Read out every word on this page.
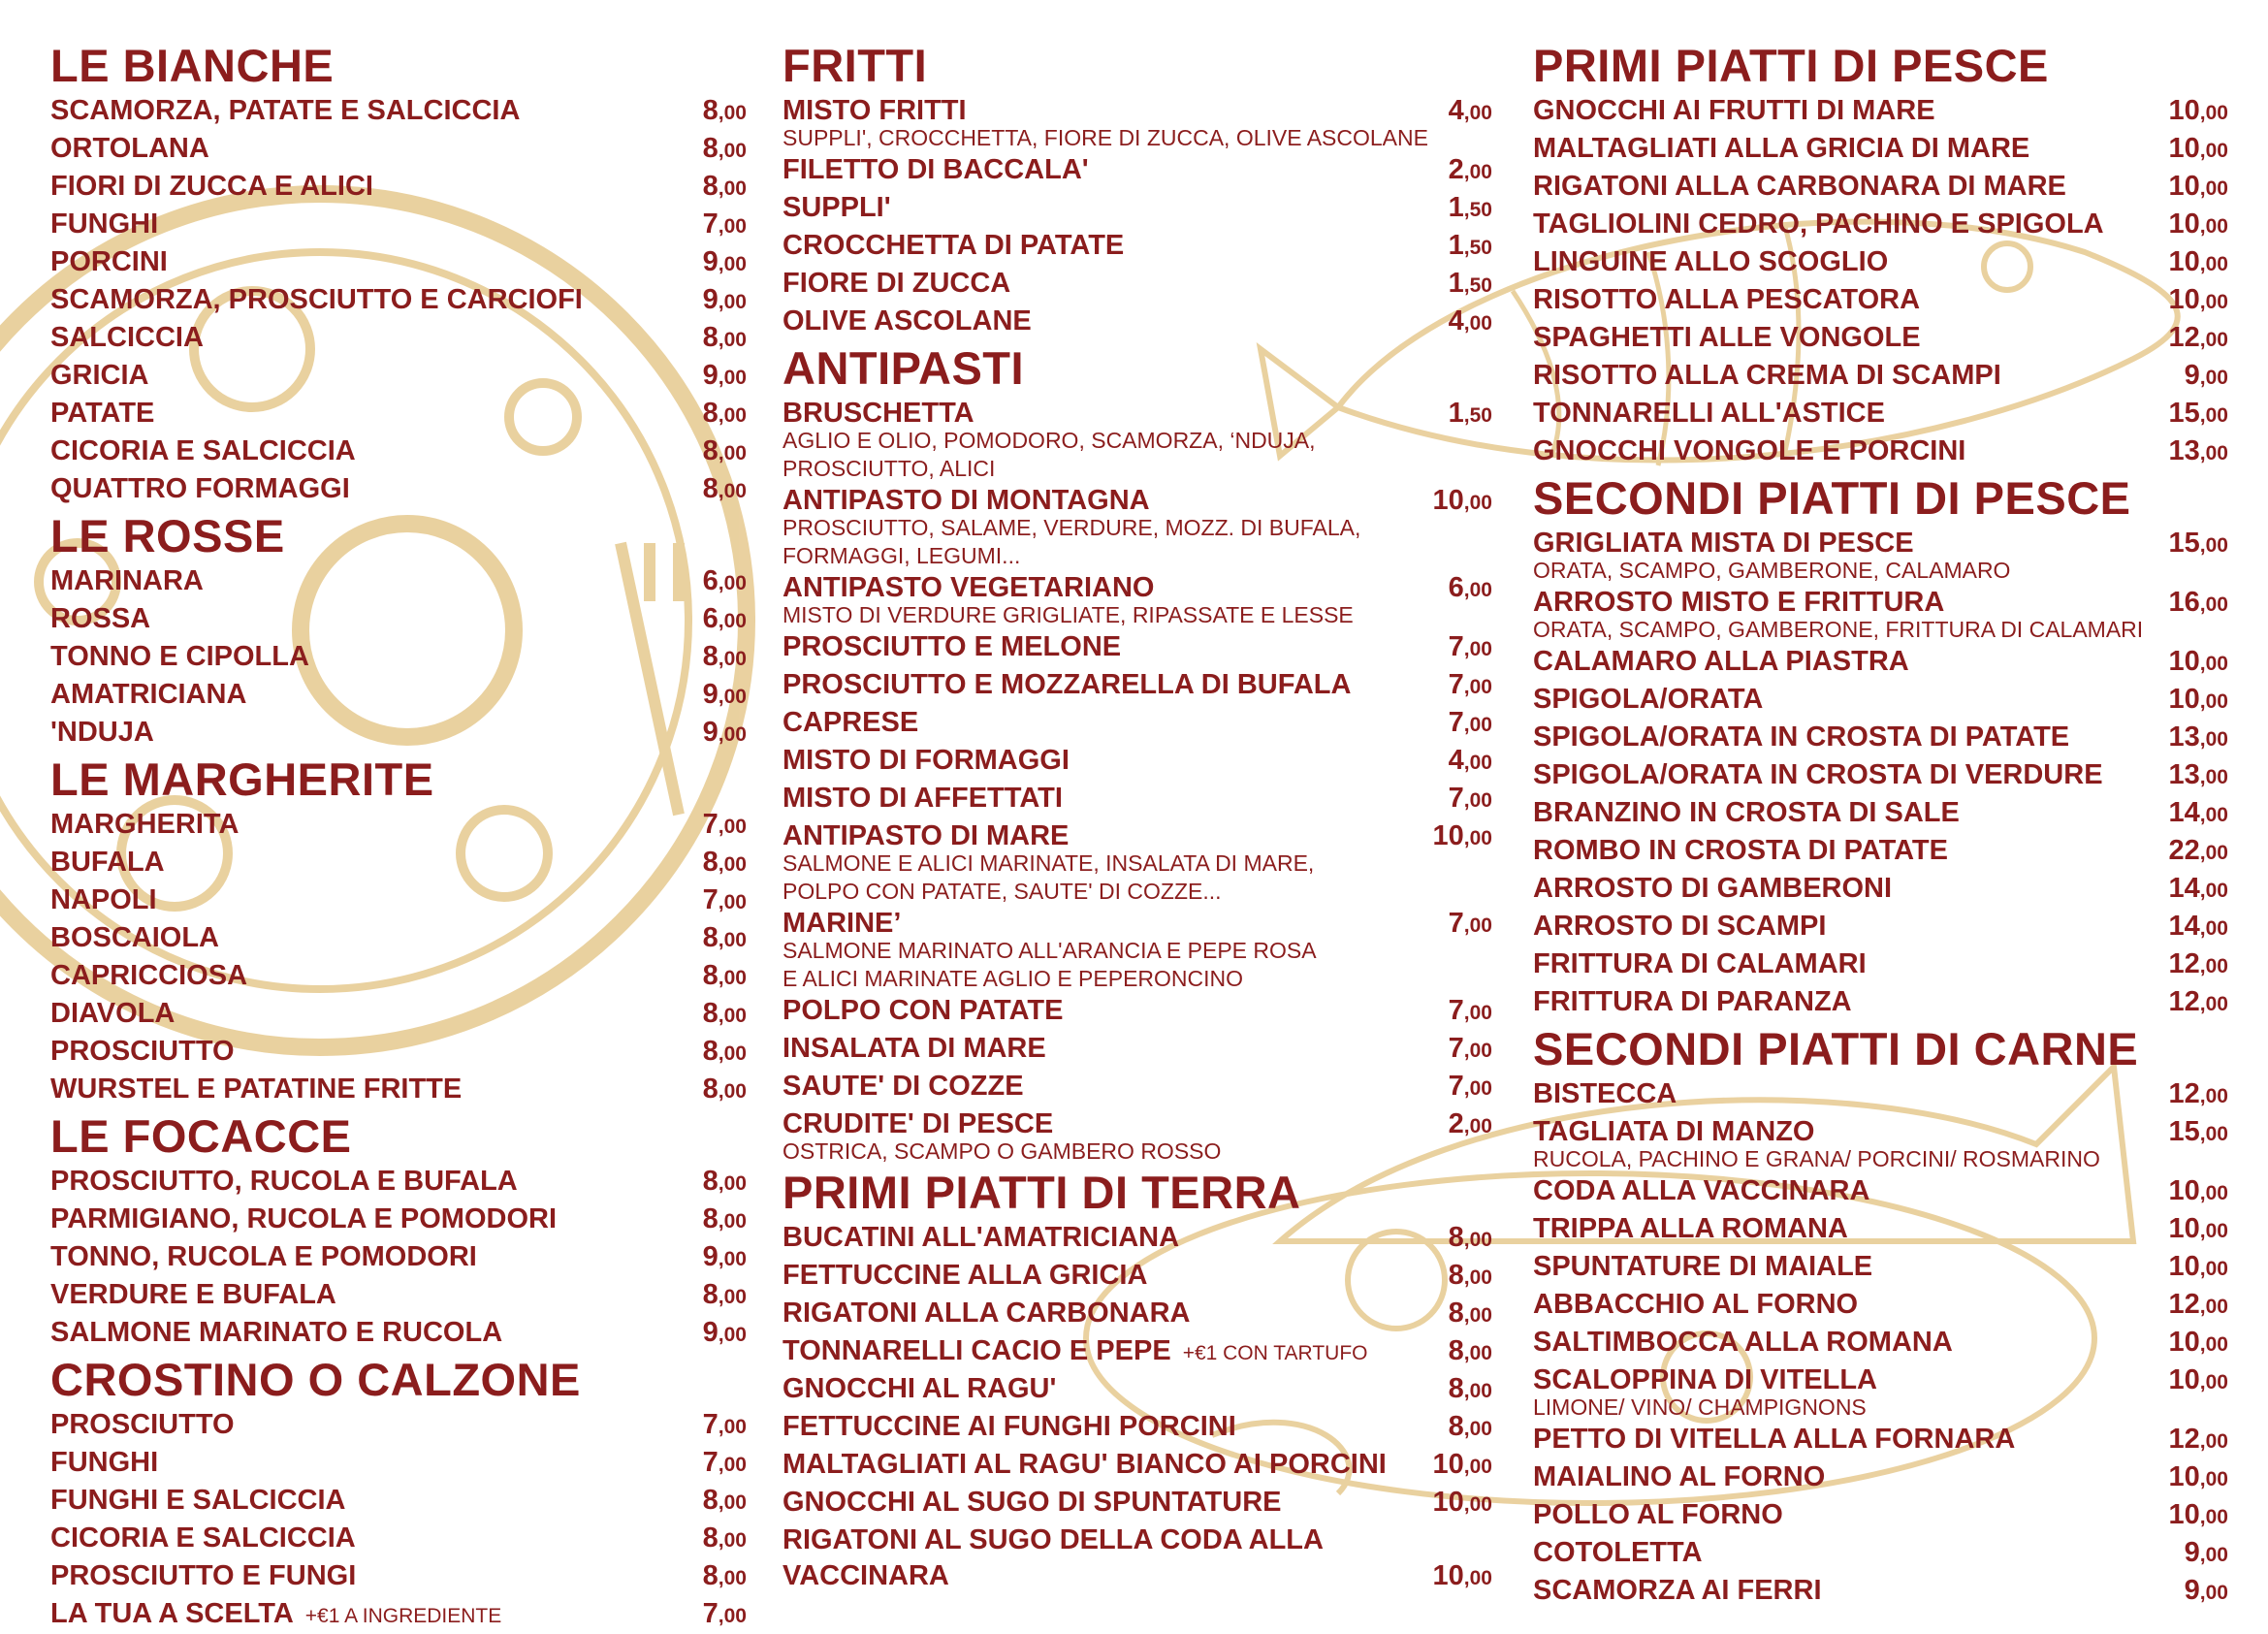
LE BIANCHE
SCAMORZA, PATATE E SALCICCIA	8,00
ORTOLANA	8,00
FIORI DI ZUCCA E ALICI	8,00
FUNGHI	7,00
PORCINI	9,00
SCAMORZA, PROSCIUTTO E CARCIOFI	9,00
SALCICCIA	8,00
GRICIA	9,00
PATATE	8,00
CICORIA E SALCICCIA	8,00
QUATTRO FORMAGGI	8,00
LE ROSSE
MARINARA	6,00
ROSSA	6,00
TONNO E CIPOLLA	8,00
AMATRICIANA	9,00
'NDUJA	9,00
LE MARGHERITE
MARGHERITA	7,00
BUFALA	8,00
NAPOLI	7,00
BOSCAIOLA	8,00
CAPRICCIOSA	8,00
DIAVOLA	8,00
PROSCIUTTO	8,00
WURSTEL E PATATINE FRITTE	8,00
LE FOCACCE
PROSCIUTTO, RUCOLA E BUFALA	8,00
PARMIGIANO, RUCOLA E POMODORI	8,00
TONNO, RUCOLA E POMODORI	9,00
VERDURE E BUFALA	8,00
SALMONE MARINATO E RUCOLA	9,00
CROSTINO O CALZONE
PROSCIUTTO	7,00
FUNGHI	7,00
FUNGHI E SALCICCIA	8,00
CICORIA E SALCICCIA	8,00
PROSCIUTTO E FUNGI	8,00
LA TUA A SCELTA +€1 A INGREDIENTE	7,00
FRITTI
MISTO FRITTI	4,00
SUPPLI', CROCCHETTA, FIORE DI ZUCCA, OLIVE ASCOLANE
FILETTO DI BACCALA'	2,00
SUPPLI'	1,50
CROCCHETTA DI PATATE	1,50
FIORE DI ZUCCA	1,50
OLIVE ASCOLANE	4,00
ANTIPASTI
BRUSCHETTA	1,50
AGLIO E OLIO, POMODORO, SCAMORZA, ‘NDUJA,
PROSCIUTTO, ALICI
ANTIPASTO DI MONTAGNA	10,00
PROSCIUTTO, SALAME, VERDURE, MOZZ. DI BUFALA,
FORMAGGI, LEGUMI...
ANTIPASTO VEGETARIANO	6,00
MISTO DI VERDURE GRIGLIATE, RIPASSATE E LESSE
PROSCIUTTO E MELONE	7,00
PROSCIUTTO E MOZZARELLA DI BUFALA	7,00
CAPRESE	7,00
MISTO DI FORMAGGI	4,00
MISTO DI AFFETTATI	7,00
ANTIPASTO DI MARE	10,00
SALMONE E ALICI MARINATE, INSALATA DI MARE,
POLPO CON PATATE, SAUTE' DI COZZE...
MARINE’	7,00
SALMONE MARINATO ALL'ARANCIA E PEPE ROSA
E ALICI MARINATE AGLIO E PEPERONCINO
POLPO CON PATATE	7,00
INSALATA DI MARE	7,00
SAUTE' DI COZZE	7,00
CRUDITE' DI PESCE	2,00
OSTRICA, SCAMPO O GAMBERO ROSSO
PRIMI PIATTI DI TERRA
BUCATINI ALL'AMATRICIANA	8,00
FETTUCCINE ALLA GRICIA	8,00
RIGATONI ALLA CARBONARA	8,00
TONNARELLI CACIO E PEPE +€1 CON TARTUFO	8,00
GNOCCHI AL RAGU'	8,00
FETTUCCINE AI FUNGHI PORCINI	8,00
MALTAGLIATI AL RAGU' BIANCO AI PORCINI 10,00
GNOCCHI AL SUGO DI SPUNTATURE	10,00
RIGATONI AL SUGO DELLA CODA ALLA
VACCINARA	10,00
PRIMI PIATTI DI PESCE
GNOCCHI AI FRUTTI DI MARE	10,00
MALTAGLIATI ALLA GRICIA DI MARE	10,00
RIGATONI ALLA CARBONARA DI MARE	10,00
TAGLIOLINI CEDRO, PACHINO E SPIGOLA 10,00
LINGUINE ALLO SCOGLIO	10,00
RISOTTO ALLA PESCATORA	10,00
SPAGHETTI ALLE VONGOLE	12,00
RISOTTO ALLA CREMA DI SCAMPI	9,00
TONNARELLI ALL'ASTICE	15,00
GNOCCHI VONGOLE E PORCINI	13,00
SECONDI PIATTI DI PESCE
GRIGLIATA MISTA DI PESCE	15,00
ORATA, SCAMPO, GAMBERONE, CALAMARO
ARROSTO MISTO E FRITTURA	16,00
ORATA, SCAMPO, GAMBERONE, FRITTURA DI CALAMARI
CALAMARO ALLA PIASTRA	10,00
SPIGOLA/ORATA	10,00
SPIGOLA/ORATA IN CROSTA DI PATATE	13,00
SPIGOLA/ORATA IN CROSTA DI VERDURE 13,00
BRANZINO IN CROSTA DI SALE	14,00
ROMBO IN CROSTA DI PATATE	22,00
ARROSTO DI GAMBERONI	14,00
ARROSTO DI SCAMPI	14,00
FRITTURA DI CALAMARI	12,00
FRITTURA DI PARANZA	12,00
SECONDI PIATTI DI CARNE
BISTECCA	12,00
TAGLIATA DI MANZO	15,00
RUCOLA, PACHINO E GRANA/ PORCINI/ ROSMARINO
CODA ALLA VACCINARA	10,00
TRIPPA ALLA ROMANA	10,00
SPUNTATURE DI MAIALE	10,00
ABBACCHIO AL FORNO	12,00
SALTIMBOCCA ALLA ROMANA	10,00
SCALOPPINA DI VITELLA	10,00
LIMONE/ VINO/ CHAMPIGNONS
PETTO DI VITELLA ALLA FORNARA	12,00
MAIALINO AL FORNO	10,00
POLLO AL FORNO	10,00
COTOLETTA	9,00
SCAMORZA AI FERRI	9,00
